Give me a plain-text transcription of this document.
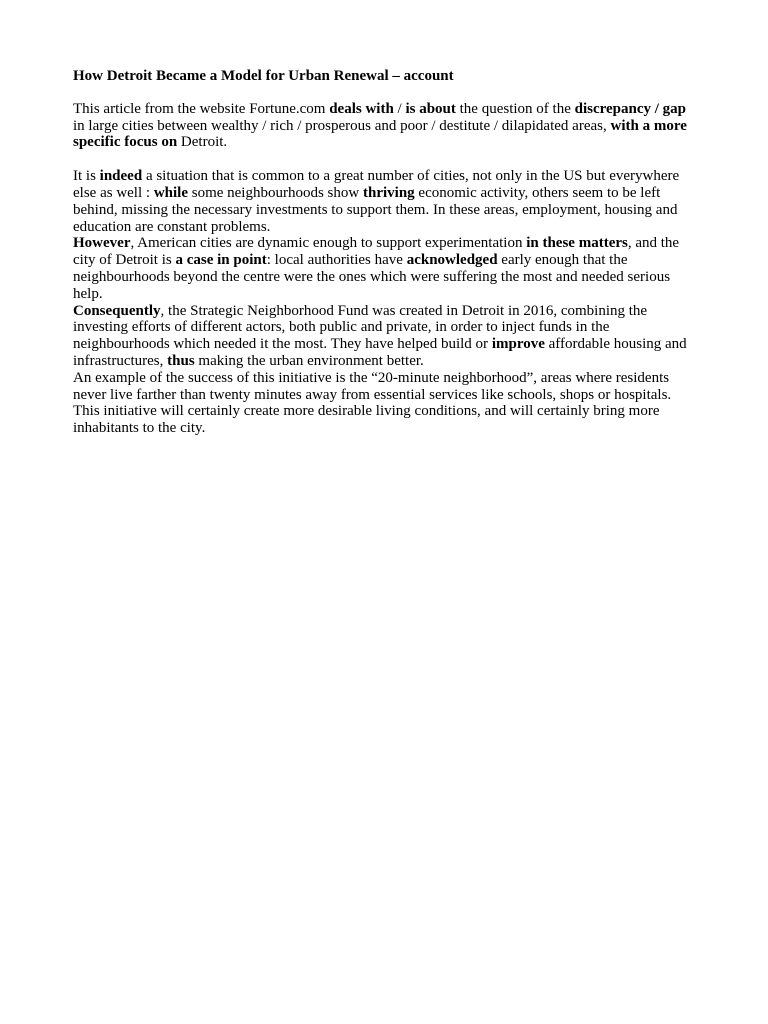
How Detroit Became a Model for Urban Renewal – account

This article from the website Fortune.com deals with / is about the question of the discrepancy / gap in large cities between wealthy / rich / prosperous and poor / destitute / dilapidated areas, with a more specific focus on Detroit.

It is indeed a situation that is common to a great number of cities, not only in the US but everywhere else as well : while some neighbourhoods show thriving economic activity, others seem to be left behind, missing the necessary investments to support them. In these areas, employment, housing and education are constant problems.

However, American cities are dynamic enough to support experimentation in these matters, and the city of Detroit is a case in point: local authorities have acknowledged early enough that the neighbourhoods beyond the centre were the ones which were suffering the most and needed serious help.

Consequently, the Strategic Neighborhood Fund was created in Detroit in 2016, combining the investing efforts of different actors, both public and private, in order to inject funds in the neighbourhoods which needed it the most. They have helped build or improve affordable housing and infrastructures, thus making the urban environment better.

An example of the success of this initiative is the “20-minute neighborhood”, areas where residents never live farther than twenty minutes away from essential services like schools, shops or hospitals. This initiative will certainly create more desirable living conditions, and will certainly bring more inhabitants to the city.
